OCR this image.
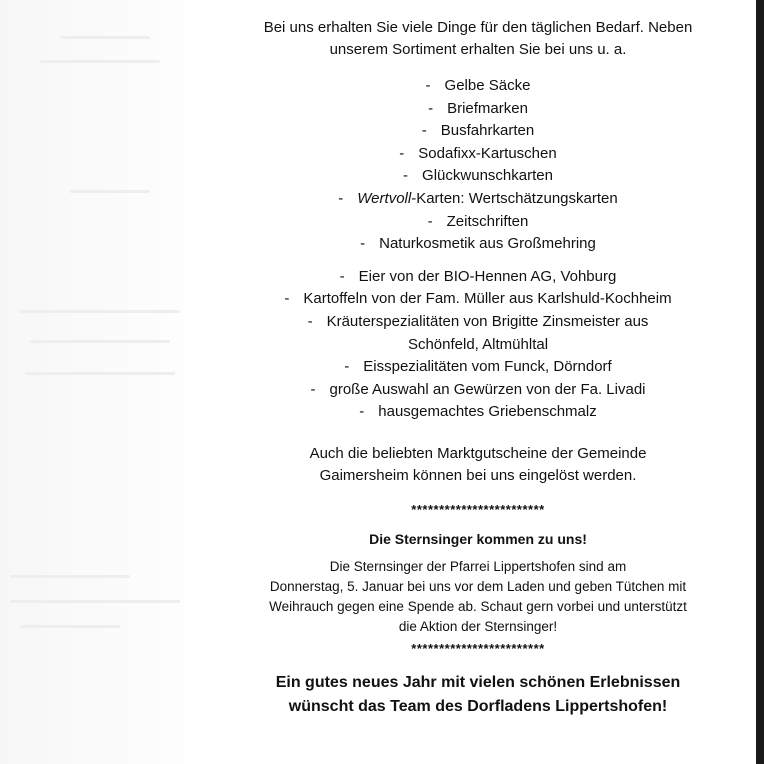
Bei uns erhalten Sie viele Dinge für den täglichen Bedarf. Neben
unserem Sortiment erhalten Sie bei uns u. a.

- Gelbe Säcke
- Briefmarken
- Busfahrkarten
- Sodafixx-Kartuschen
- Glückwunschkarten
- Wertvoll-Karten: Wertschätzungskarten
- Zeitschriften
- Naturkosmetik aus Großmehring
- Eier von der BIO-Hennen AG, Vohburg
- Kartoffeln von der Fam. Müller aus Karlshuld-Kochheim
- Kräuterspezialitäten von Brigitte Zinsmeister aus
Schönfeld, Altmühltal
- Eisspezialitäten vom Funck, Dörndorf
- große Auswahl an Gewürzen von der Fa. Livadi
- hausgemachtes Griebenschmalz

Auch die beliebten Marktgutscheine der Gemeinde
Gaimersheim können bei uns eingelöst werden.

************************
Die Sternsinger kommen zu uns!
Die Sternsinger der Pfarrei Lippertshofen sind am
Donnerstag, 5. Januar bei uns vor dem Laden und geben Tütchen mit
Weihrauch gegen eine Spende ab. Schaut gern vorbei und unterstützt
die Aktion der Sternsinger!
************************
Ein gutes neues Jahr mit vielen schönen Erlebnissen
wünscht das Team des Dorfladens Lippertshofen!
